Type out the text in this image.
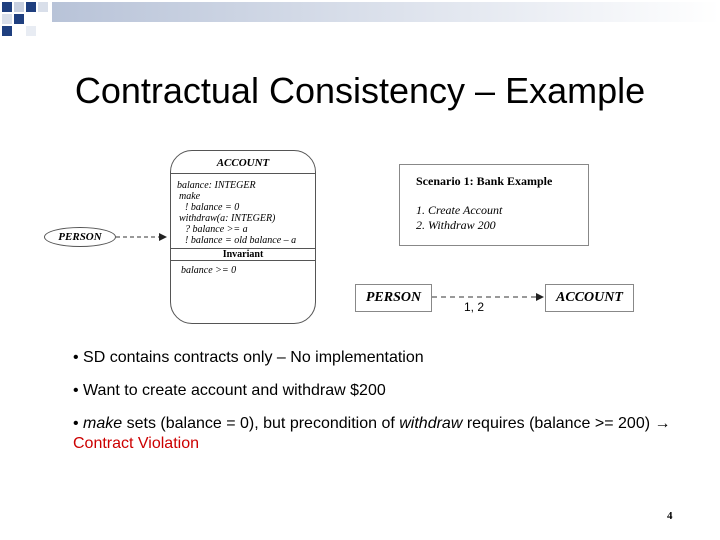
Contractual Consistency – Example
ACCOUNT
balance: INTEGER
make
! balance = 0
withdraw(a: INTEGER)
? balance >= a
! balance = old balance – a
Invariant
balance >= 0
PERSON
Scenario 1: Bank Example
1. Create Account
2. Withdraw 200
PERSON	ACCOUNT
1, 2
• SD contains contracts only – No implementation
• Want to create account and withdraw $200
• make sets (balance = 0), but precondition of withdraw requires (balance >= 200) → Contract Violation
4
